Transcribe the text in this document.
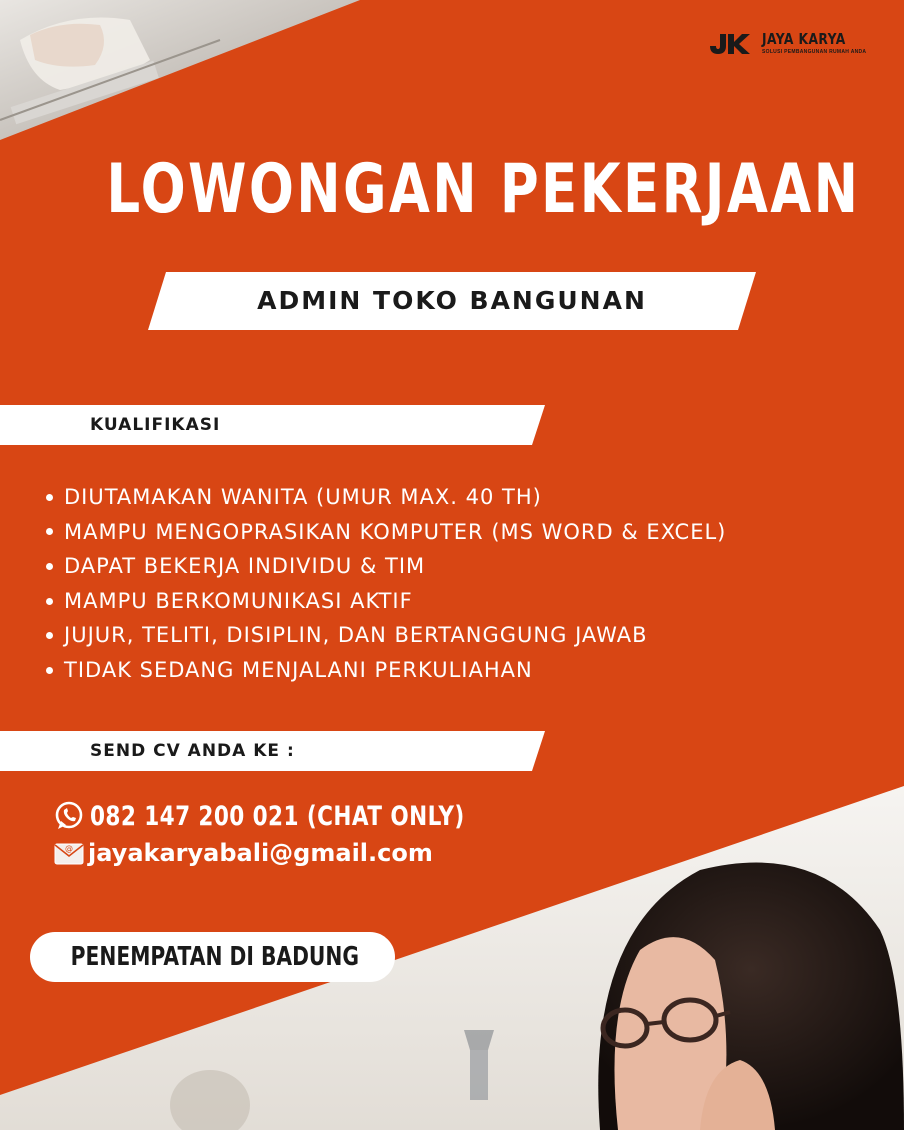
JAYA KARYA
SOLUSI PEMBANGUNAN RUMAH ANDA
LOWONGAN PEKERJAAN
ADMIN TOKO BANGUNAN
KUALIFIKASI
DIUTAMAKAN WANITA (UMUR MAX. 40 TH)
MAMPU MENGOPRASIKAN KOMPUTER (MS WORD & EXCEL)
DAPAT BEKERJA INDIVIDU & TIM
MAMPU BERKOMUNIKASI AKTIF
JUJUR, TELITI, DISIPLIN, DAN BERTANGGUNG JAWAB
TIDAK SEDANG MENJALANI PERKULIAHAN
SEND CV ANDA KE :
082 147 200 021 (CHAT ONLY)
@ jayakaryabali@gmail.com
PENEMPATAN DI BADUNG
